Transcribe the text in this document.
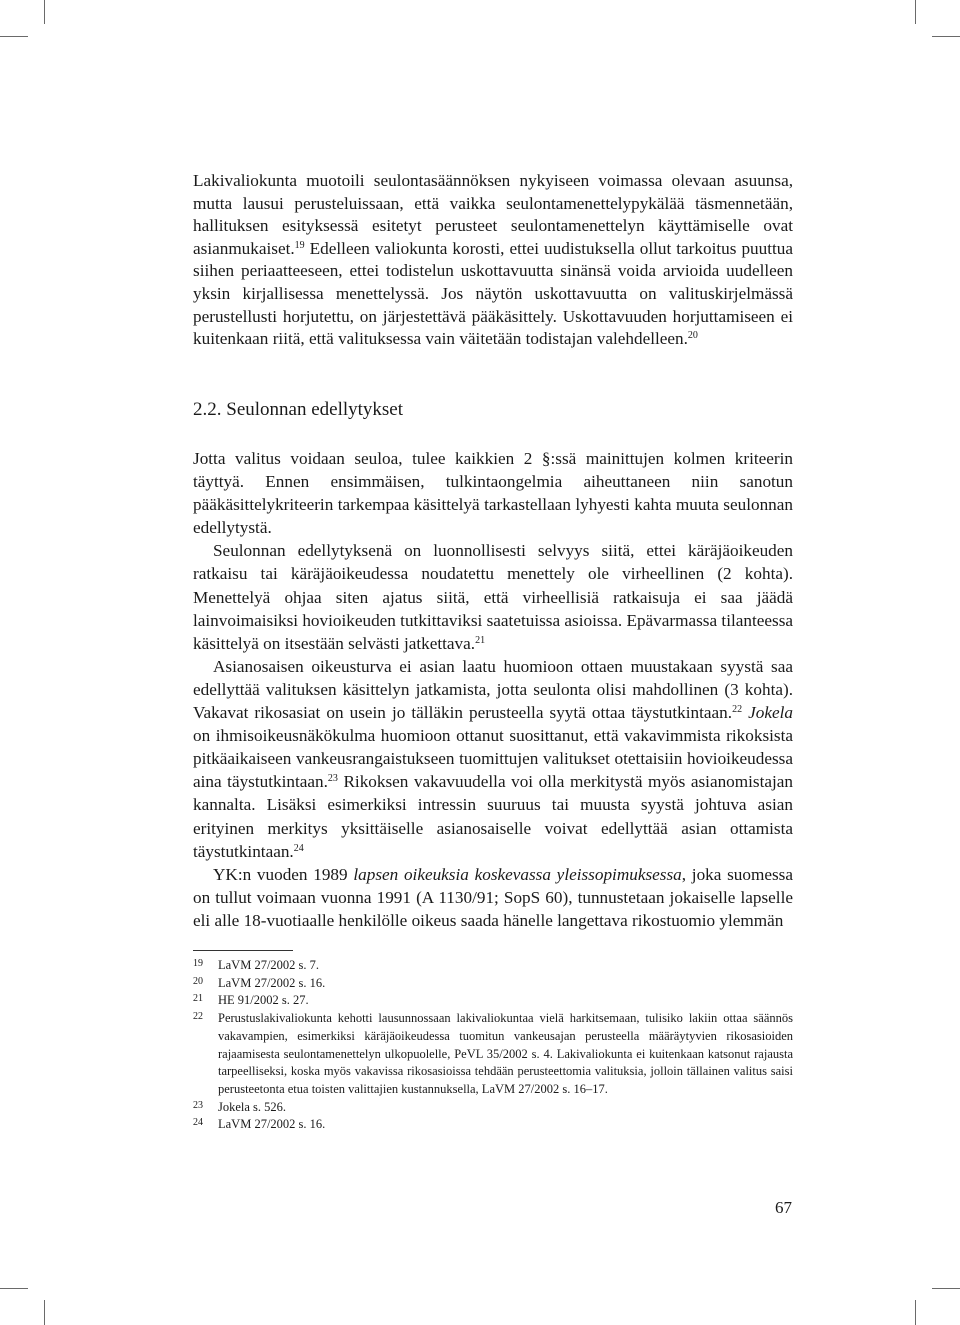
Lakivaliokunta muotoili seulontasäännöksen nykyiseen voimassa olevaan asuunsa, mutta lausui perusteluissaan, että vaikka seulontamenettelypykälää täsmennetään, hallituksen esityksessä esitetyt perusteet seulontamenettelyn käyttämiselle ovat asianmukaiset.$^{19}$ Edelleen valiokunta korosti, ettei uudistuksella ollut tarkoitus puuttua siihen periaatteeseen, ettei todistelun uskottavuutta sinänsä voida arvioida uudelleen yksin kirjallisessa menettelyssä. Jos näytön uskottavuutta on valituskirjelmässä perustellusti horjutettu, on järjestettävä pääkäsittely. Uskottavuuden horjuttamiseen ei kuitenkaan riitä, että valituksessa vain väitetään todistajan valehdelleen.$^{20}$

2.2. Seulonnan edellytykset

Jotta valitus voidaan seuloa, tulee kaikkien 2 §:ssä mainittujen kolmen kriteerin täyttyä. Ennen ensimmäisen, tulkintaongelmia aiheuttaneen niin sanotun pääkäsittelykriteerin tarkempaa käsittelyä tarkastellaan lyhyesti kahta muuta seulonnan edellytystä.

Seulonnan edellytyksenä on luonnollisesti selvyys siitä, ettei käräjäoikeuden ratkaisu tai käräjäoikeudessa noudatettu menettely ole virheellinen (2 kohta). Menettelyä ohjaa siten ajatus siitä, että virheellisiä ratkaisuja ei saa jäädä lainvoimaisiksi hovioikeuden tutkittaviksi saatetuissa asioissa. Epävarmassa tilanteessa käsittelyä on itsestään selvästi jatkettava.$^{21}$

Asianosaisen oikeusturva ei asian laatu huomioon ottaen muustakaan syystä saa edellyttää valituksen käsittelyn jatkamista, jotta seulonta olisi mahdollinen (3 kohta). Vakavat rikosasiat on usein jo tälläkin perusteella syytä ottaa täystutkintaan.$^{22}$ Jokela on ihmisoikeusnäkökulma huomioon ottanut suosittanut, että vakavimmista rikoksista pitkäaikaiseen vankeusrangaistukseen tuomittujen valitukset otettaisiin hovioikeudessa aina täystutkintaan.$^{23}$ Rikoksen vakavuudella voi olla merkitystä myös asianomistajan kannalta. Lisäksi esimerkiksi intressin suuruus tai muusta syystä johtuva asian erityinen merkitys yksittäiselle asianosaiselle voivat edellyttää asian ottamista täystutkintaan.$^{24}$

YK:n vuoden 1989 lapsen oikeuksia koskevassa yleissopimuksessa, joka suomessa on tullut voimaan vuonna 1991 (A 1130/91; SopS 60), tunnustetaan jokaiselle lapselle eli alle 18-vuotiaalle henkilölle oikeus saada hänelle langettava rikostuomio ylemmän

19	LaVM 27/2002 s. 7.
20	LaVM 27/2002 s. 16.
21	HE 91/2002 s. 27.
22	Perustuslakivaliokunta kehotti lausunnossaan lakivaliokuntaa vielä harkitsemaan, tulisiko lakiin ottaa säännös vakavampien, esimerkiksi käräjäoikeudessa tuomitun vankeusajan perusteella määräytyvien rikosasioiden rajaamisesta seulontamenettelyn ulkopuolelle, PeVL 35/2002 s. 4. Lakivaliokunta ei kuitenkaan katsonut rajausta tarpeelliseksi, koska myös vakavissa rikosasioissa tehdään perusteettomia valituksia, jolloin tällainen valitus saisi perusteetonta etua toisten valittajien kustannuksella, LaVM 27/2002 s. 16–17.
23	Jokela s. 526.
24	LaVM 27/2002 s. 16.
67
